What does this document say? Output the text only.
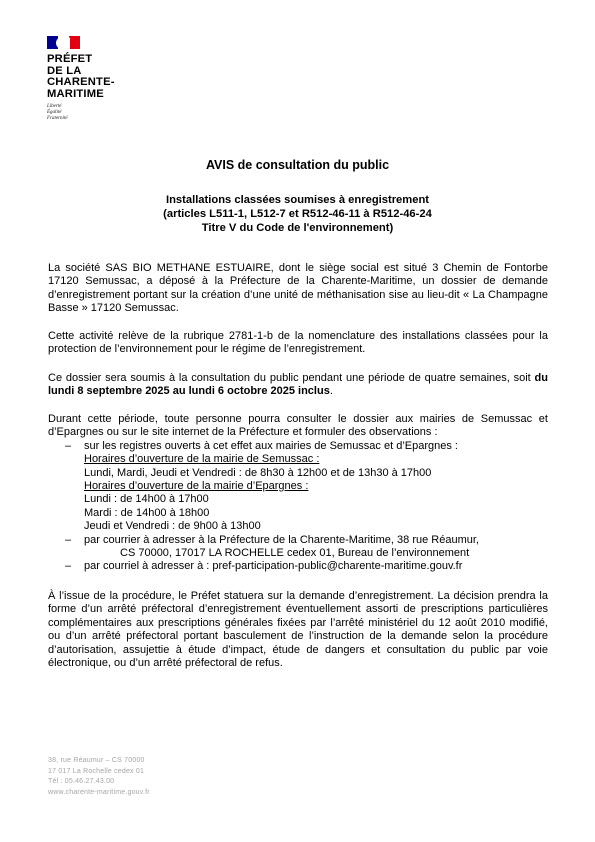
PRÉFET
DE LA
CHARENTE-
MARITIME
Liberté
Égalité
Fraternité
AVIS de consultation du public
Installations classées soumises à enregistrement
(articles L511-1, L512-7 et R512-46-11 à R512-46-24
Titre V du Code de l'environnement)

La société SAS BIO METHANE ESTUAIRE, dont le siège social est situé 3 Chemin de Fontorbe 17120 Semussac, a déposé à la Préfecture de la Charente-Maritime, un dossier de demande d’enregistrement portant sur la création d’une unité de méthanisation sise au lieu-dit « La Champagne Basse » 17120 Semussac.

Cette activité relève de la rubrique 2781-1-b de la nomenclature des installations classées pour la protection de l’environnement pour le régime de l’enregistrement.

Ce dossier sera soumis à la consultation du public pendant une période de quatre semaines, soit du lundi 8 septembre 2025 au lundi 6 octobre 2025 inclus.

Durant cette période, toute personne pourra consulter le dossier aux mairies de Semussac et d’Epargnes ou sur le site internet de la Préfecture et formuler des observations :

– sur les registres ouverts à cet effet aux mairies de Semussac et d’Epargnes :
Horaires d’ouverture de la mairie de Semussac :
Lundi, Mardi, Jeudi et Vendredi : de 8h30 à 12h00 et de 13h30 à 17h00
Horaires d’ouverture de la mairie d’Epargnes :
Lundi : de 14h00 à 17h00
Mardi : de 14h00 à 18h00
Jeudi et Vendredi : de 9h00 à 13h00
– par courrier à adresser à la Préfecture de la Charente-Maritime, 38 rue Réaumur,
CS 70000, 17017 LA ROCHELLE cedex 01, Bureau de l’environnement
– par courriel à adresser à : pref-participation-public@charente-maritime.gouv.fr

À l’issue de la procédure, le Préfet statuera sur la demande d’enregistrement. La décision prendra la forme d’un arrêté préfectoral d’enregistrement éventuellement assorti de prescriptions particulières complémentaires aux prescriptions générales fixées par l’arrêté ministériel du 12 août 2010 modifié, ou d’un arrêté préfectoral portant basculement de l’instruction de la demande selon la procédure d’autorisation, assujettie à étude d’impact, étude de dangers et consultation du public par voie électronique, ou d’un arrêté préfectoral de refus.

38, rue Réaumur – CS 70000
17 017 La Rochelle cedex 01
Tél : 05.46.27.43.00
www.charente-maritime.gouv.fr
